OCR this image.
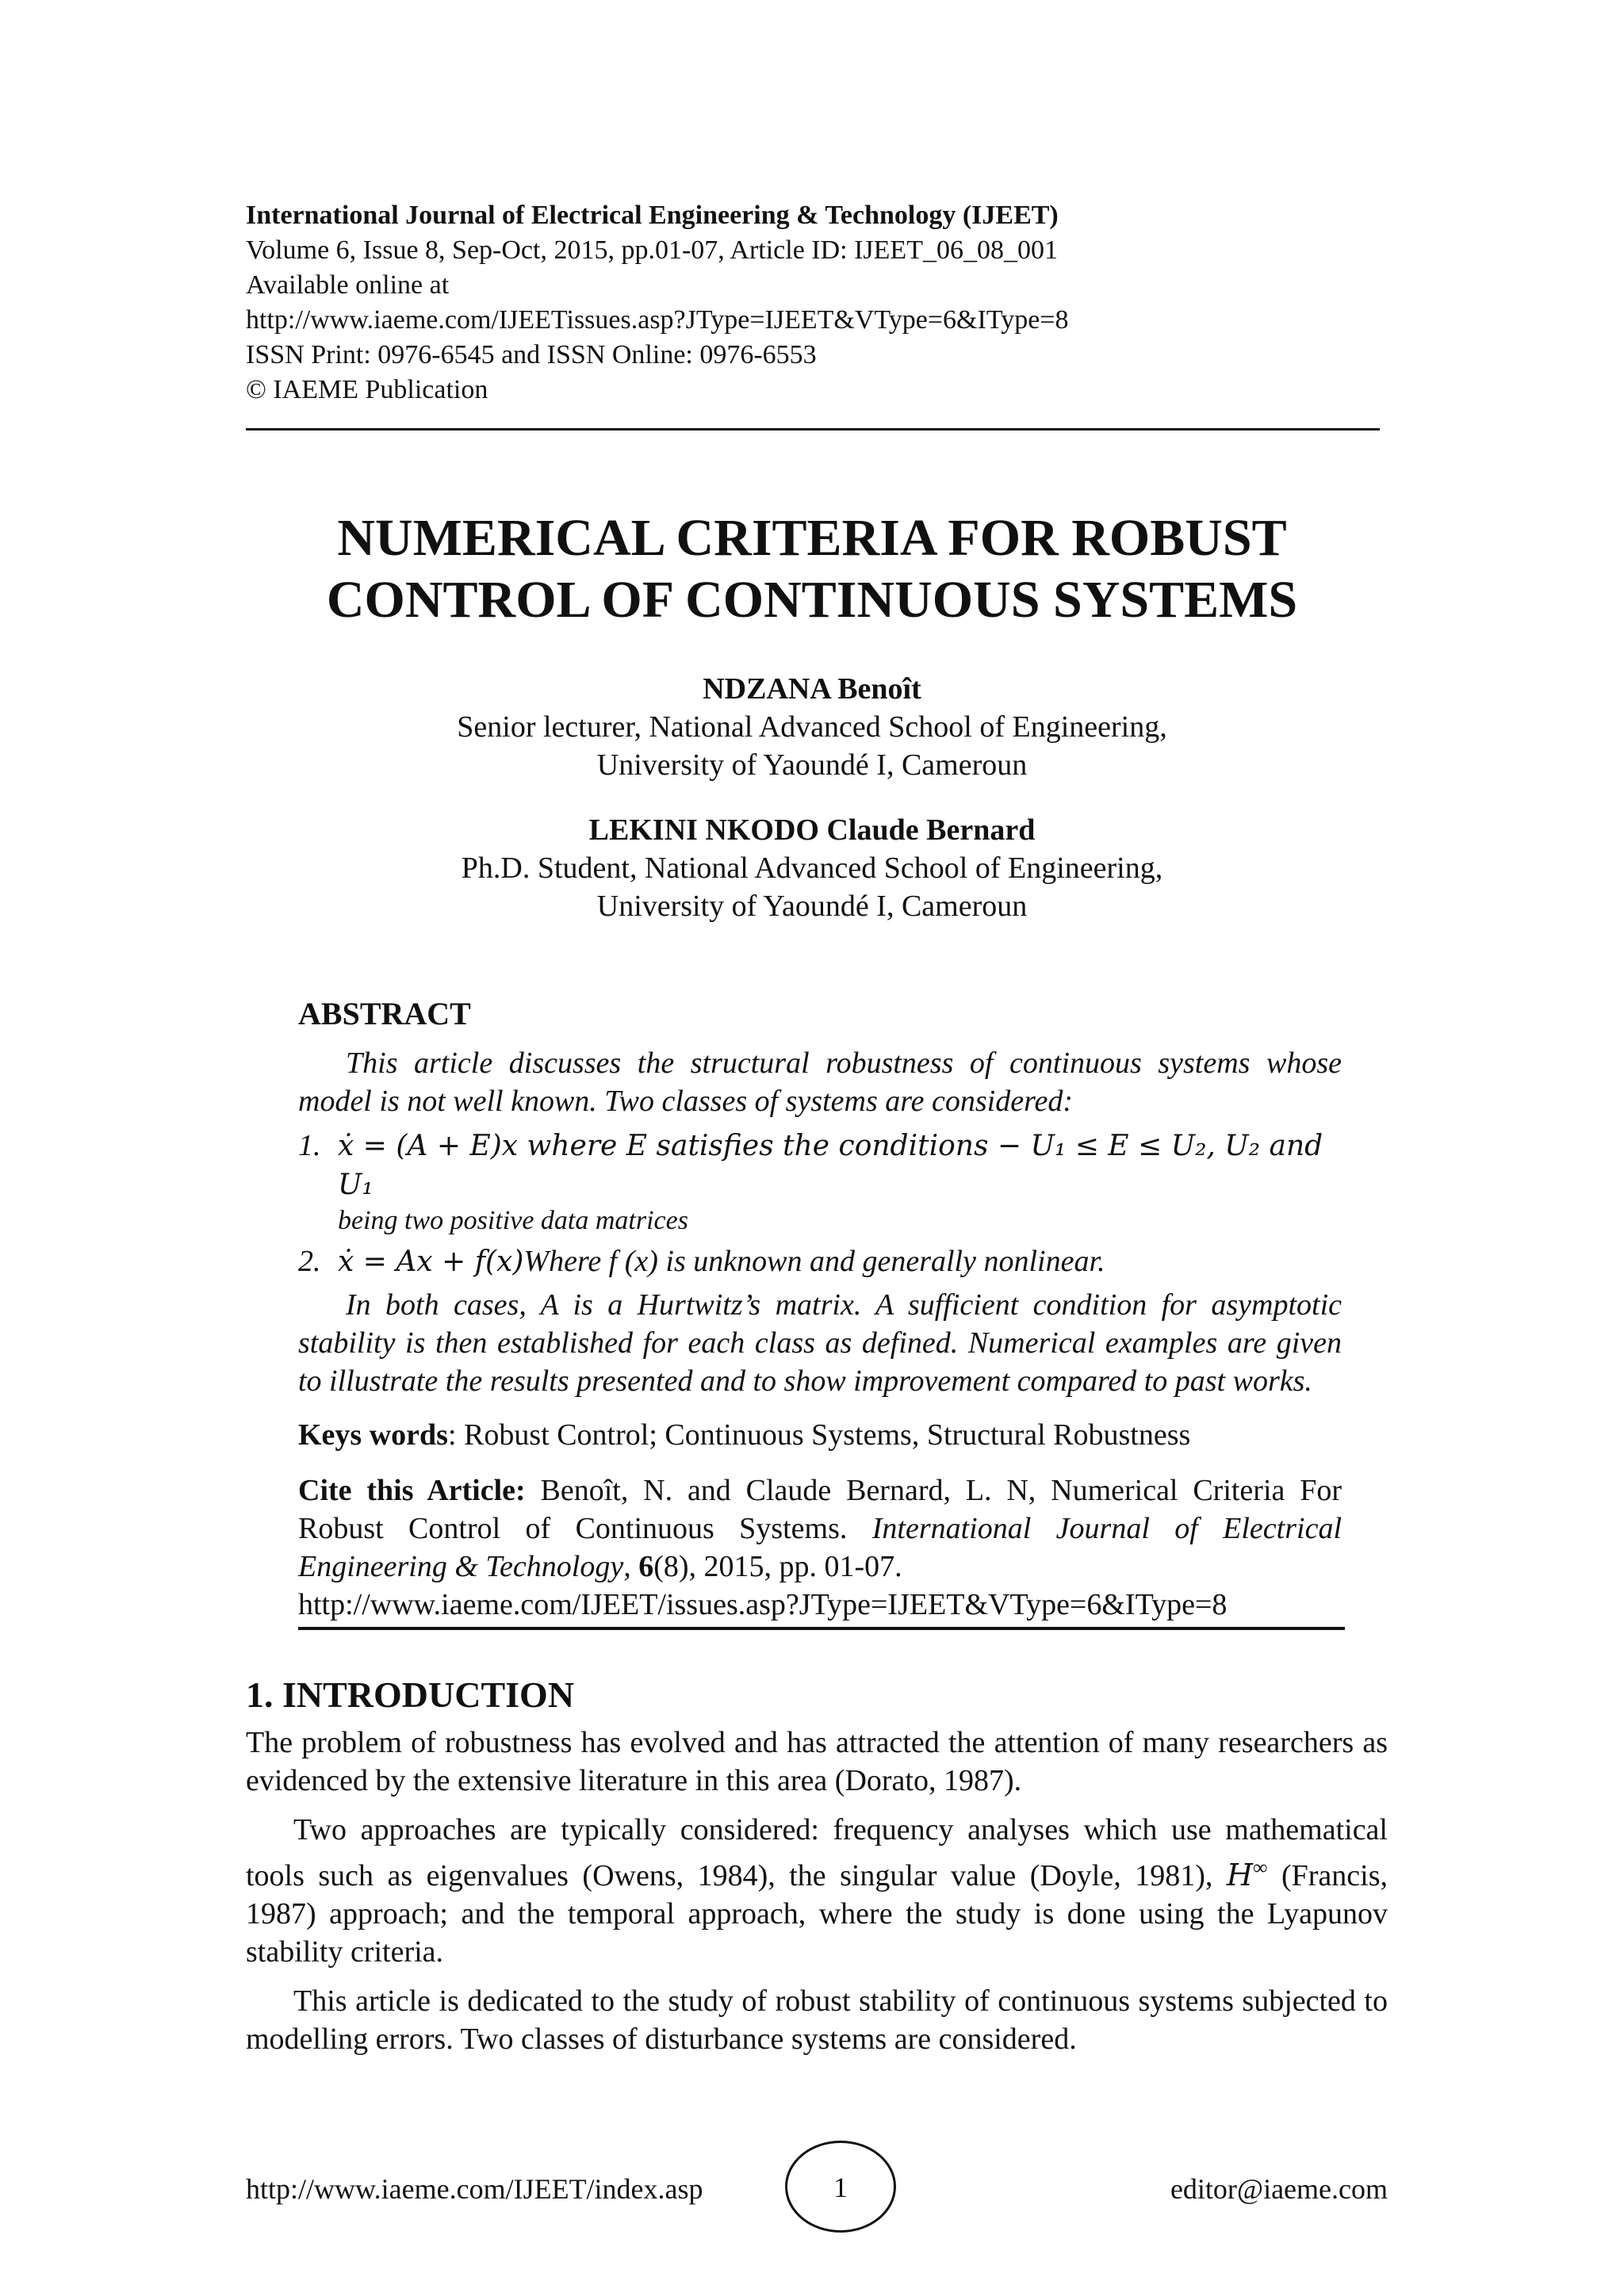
International Journal of Electrical Engineering & Technology (IJEET)
Volume 6, Issue 8, Sep-Oct, 2015, pp.01-07, Article ID: IJEET_06_08_001
Available online at
http://www.iaeme.com/IJEETissues.asp?JType=IJEET&VType=6&IType=8
ISSN Print: 0976-6545 and ISSN Online: 0976-6553
© IAEME Publication
NUMERICAL CRITERIA FOR ROBUST
CONTROL OF CONTINUOUS SYSTEMS
NDZANA Benoît
Senior lecturer, National Advanced School of Engineering,
University of Yaoundé I, Cameroun
LEKINI NKODO Claude Bernard
Ph.D. Student, National Advanced School of Engineering,
University of Yaoundé I, Cameroun
ABSTRACT

This article discusses the structural robustness of continuous systems whose model is not well known. Two classes of systems are considered:

1. ẋ = (A + E)x where E satisfies the conditions − U₁ ≤ E ≤ U₂, U₂ and U₁
being two positive data matrices
2. ẋ = Ax + f(x)Where f (x) is unknown and generally nonlinear.

In both cases, A is a Hurtwitz’s matrix. A sufficient condition for asymptotic stability is then established for each class as defined. Numerical examples are given to illustrate the results presented and to show improvement compared to past works.

Keys words: Robust Control; Continuous Systems, Structural Robustness
Cite this Article: Benoît, N. and Claude Bernard, L. N, Numerical Criteria For Robust Control of Continuous Systems. International Journal of Electrical Engineering & Technology, 6(8), 2015, pp. 01-07.
http://www.iaeme.com/IJEET/issues.asp?JType=IJEET&VType=6&IType=8
1. INTRODUCTION

The problem of robustness has evolved and has attracted the attention of many researchers as evidenced by the extensive literature in this area (Dorato, 1987).

Two approaches are typically considered: frequency analyses which use mathematical tools such as eigenvalues (Owens, 1984), the singular value (Doyle, 1981), H∞ (Francis, 1987) approach; and the temporal approach, where the study is done using the Lyapunov stability criteria.

This article is dedicated to the study of robust stability of continuous systems subjected to modelling errors. Two classes of disturbance systems are considered.

http://www.iaeme.com/IJEET/index.asp	1	editor@iaeme.com
